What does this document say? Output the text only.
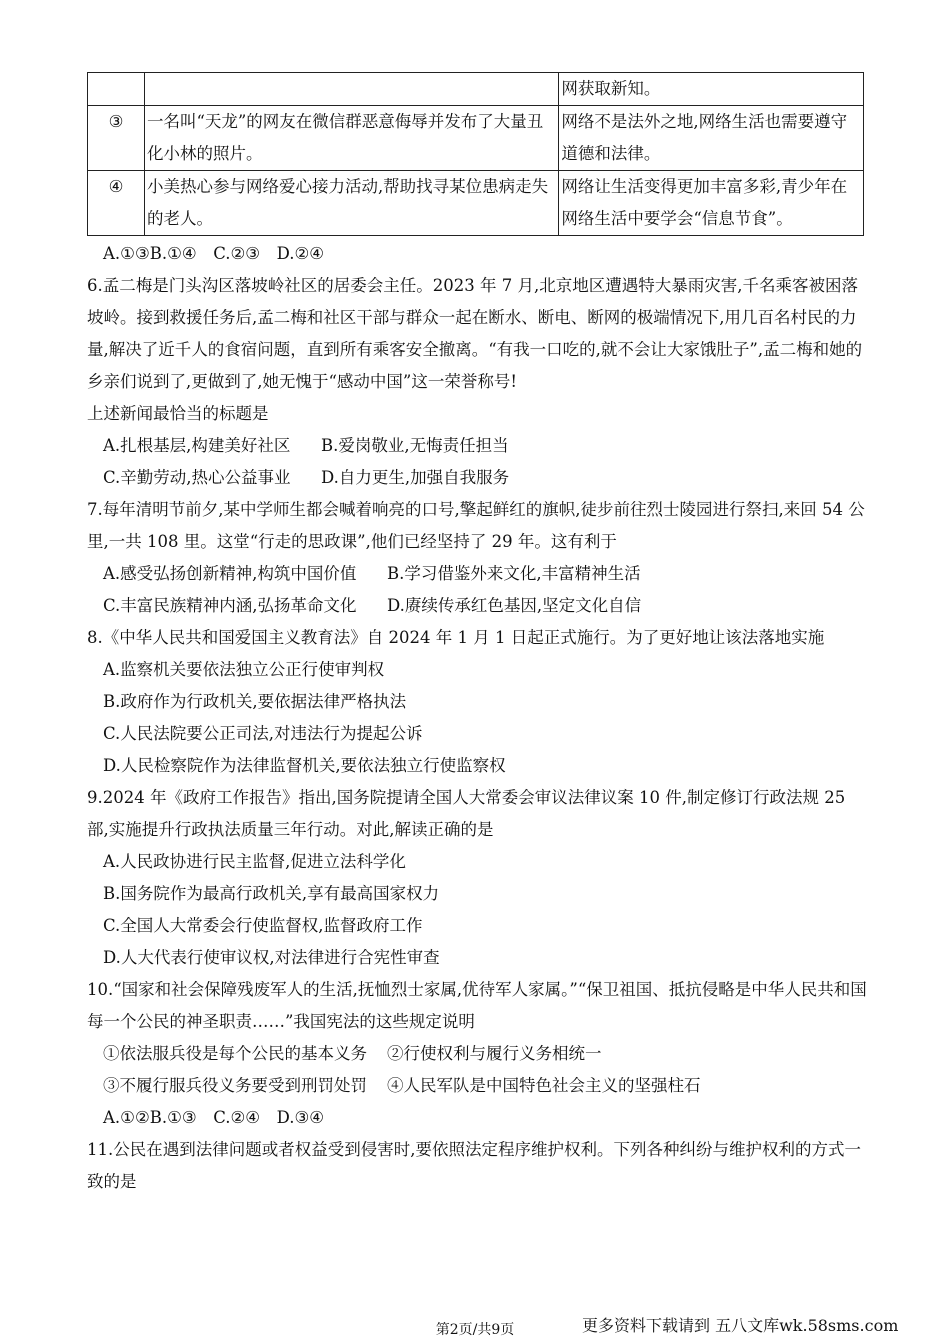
		网获取新知。
③	一名叫“天龙”的网友在微信群恶意侮辱并发布了大量丑化小林的照片。	网络不是法外之地,网络生活也需要遵守道德和法律。
④	小美热心参与网络爱心接力活动,帮助找寻某位患病走失的老人。	网络让生活变得更加丰富多彩,青少年在网络生活中要学会“信息节食”。

A.①③B.①④　C.②③　D.②④

6.孟二梅是门头沟区落坡岭社区的居委会主任。2023 年 7 月,北京地区遭遇特大暴雨灾害,千名乘客被困落坡岭。接到救援任务后,孟二梅和社区干部与群众一起在断水、断电、断网的极端情况下,用几百名村民的力量,解决了近千人的食宿问题，直到所有乘客安全撤离。“有我一口吃的,就不会让大家饿肚子”,孟二梅和她的乡亲们说到了,更做到了,她无愧于“感动中国”这一荣誉称号!

上述新闻最恰当的标题是

A.扎根基层,构建美好社区	B.爱岗敬业,无悔责任担当
C.辛勤劳动,热心公益事业	D.自力更生,加强自我服务

7.每年清明节前夕,某中学师生都会喊着响亮的口号,擎起鲜红的旗帜,徒步前往烈士陵园进行祭扫,来回 54 公里,一共 108 里。这堂“行走的思政课”,他们已经坚持了 29 年。这有利于

A.感受弘扬创新精神,构筑中国价值	B.学习借鉴外来文化,丰富精神生活
C.丰富民族精神内涵,弘扬革命文化	D.赓续传承红色基因,坚定文化自信

8.《中华人民共和国爱国主义教育法》自 2024 年 1 月 1 日起正式施行。为了更好地让该法落地实施

A.监察机关要依法独立公正行使审判权

B.政府作为行政机关,要依据法律严格执法

C.人民法院要公正司法,对违法行为提起公诉

D.人民检察院作为法律监督机关,要依法独立行使监察权

9.2024 年《政府工作报告》指出,国务院提请全国人大常委会审议法律议案 10 件,制定修订行政法规 25 部,实施提升行政执法质量三年行动。对此,解读正确的是

A.人民政协进行民主监督,促进立法科学化

B.国务院作为最高行政机关,享有最高国家权力

C.全国人大常委会行使监督权,监督政府工作

D.人大代表行使审议权,对法律进行合宪性审查

10.“国家和社会保障残废军人的生活,抚恤烈士家属,优待军人家属。”“保卫祖国、抵抗侵略是中华人民共和国每一个公民的神圣职责……”我国宪法的这些规定说明

①依法服兵役是每个公民的基本义务	②行使权利与履行义务相统一
③不履行服兵役义务要受到刑罚处罚	④人民军队是中国特色社会主义的坚强柱石

A.①②B.①③　C.②④　D.③④

11.公民在遇到法律问题或者权益受到侵害时,要依照法定程序维护权利。下列各种纠纷与维护权利的方式一致的是

第2页/共9页	更多资料下载请到 五八文库wk.58sms.com
